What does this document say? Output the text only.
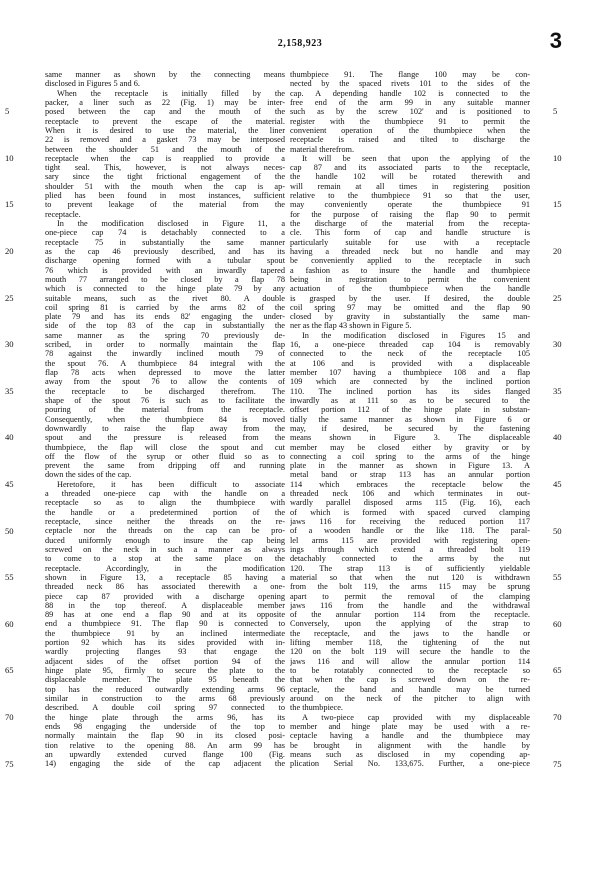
2,158,923	3
same manner as shown by the connecting means
disclosed in Figures 5 and 6.
When the receptacle is initially filled by the
packer, a liner such as 22 (Fig. 1) may be inter-
posed between the cap and the mouth of the
receptacle to prevent the escape of the material.
When it is desired to use the material, the liner
22 is removed and a gasket 73 may be interposed
between the shoulder 51 and the mouth of the
receptacle when the cap is reapplied to provide a
tight seal. This, however, is not always neces-
sary since the tight frictional engagement of the
shoulder 51 with the mouth when the cap is ap-
plied has been found in most instances, sufficient
to prevent leakage of the material from the
receptacle.
In the modification disclosed in Figure 11, a
one-piece cap 74 is detachably connected to a
receptacle 75 in substantially the same manner
as the cap 46 previously described, and has its
discharge opening formed with a tubular spout
76 which is provided with an inwardly tapered
mouth 77 arranged to be closed by a flap 78
which is connected to the hinge plate 79 by any
suitable means, such as the rivet 80. A double
coil spring 81 is carried by the arms 82 of the
plate 79 and has its ends 82' engaging the under-
side of the top 83 of the cap in substantially the
same manner as the spring 70 previously de-
scribed, in order to normally maintain the flap
78 against the inwardly inclined mouth 79 of
the spout 76. A thumbpiece 84 integral with the
flap 78 acts when depressed to move the latter
away from the spout 76 to allow the contents of
the receptacle to be discharged therefrom. The
shape of the spout 76 is such as to facilitate the
pouring of the material from the receptacle.
Consequently, when the thumbpiece 84 is moved
downwardly to raise the flap away from the
spout and the pressure is released from the
thumbpiece, the flap will close the spout and cut
off the flow of the syrup or other fluid so as to
prevent the same from dripping off and running
down the sides of the cap.
Heretofore, it has been difficult to associate
a threaded one-piece cap with the handle on a
receptacle so as to align the thumbpiece with
the handle or a predetermined portion of the
receptacle, since neither the threads on the re-
ceptacle nor the threads on the cap can be pro-
duced uniformly enough to insure the cap being
screwed on the neck in such a manner as always
to come to a stop at the same place on the
receptacle. Accordingly, in the modification
shown in Figure 13, a receptacle 85 having a
threaded neck 86 has associated therewith a one-
piece cap 87 provided with a discharge opening
88 in the top thereof. A displaceable member
89 has at one end a flap 90 and at its opposite
end a thumbpiece 91. The flap 90 is connected to
the thumbpiece 91 by an inclined intermediate
portion 92 which has its sides provided with in-
wardly projecting flanges 93 that engage the
adjacent sides of the offset portion 94 of the
hinge plate 95, firmly to secure the plate to the
displaceable member. The plate 95 beneath the
top has the reduced outwardly extending arms 96
similar in construction to the arms 68 previously
described. A double coil spring 97 connected to
the hinge plate through the arms 96, has its
ends 98 engaging the underside of the top to
normally maintain the flap 90 in its closed posi-
tion relative to the opening 88. An arm 99 has
an upwardly extended curved flange 100 (Fig.
14) engaging the side of the cap adjacent the
thumbpiece 91. The flange 100 may be con-
nected by the spaced rivets 101 to the sides of the
cap. A depending handle 102 is connected to the
free end of the arm 99 in any suitable manner
such as by the screw 102' and is positioned to
register with the thumbpiece 91 to permit the
convenient operation of the thumbpiece when the
receptacle is raised and tilted to discharge the
material therefrom.
It will be seen that upon the applying of the
cap 87 and its associated parts to the receptacle,
the handle 102 will be rotated therewith and
will remain at all times in registering position
relative to the thumbpiece 91 so that the user,
may conveniently operate the thumbpiece 91
for the purpose of raising the flap 90 to permit
the discharge of the material from the recepta-
cle. This form of cap and handle structure is
particularly suitable for use with a receptacle
having a threaded neck but no handle and may
be conveniently applied to the receptacle in such
a fashion as to insure the handle and thumbpiece
being in registration to permit the convenient
actuation of the thumbpiece when the handle
is grasped by the user. If desired, the double
coil spring 97 may be omitted and the flap 90
closed by gravity in substantially the same man-
ner as the flap 43 shown in Figure 5.
In the modification disclosed in Figures 15 and
16, a one-piece threaded cap 104 is removably
connected to the neck of the receptacle 105
at 106 and is provided with a displaceable
member 107 having a thumbpiece 108 and a flap
109 which are connected by the inclined portion
110. The inclined portion has its sides flanged
inwardly as at 111 so as to be secured to the
offset portion 112 of the hinge plate in substan-
tially the same manner as shown in Figure 6 or
may, if desired, be secured by the fastening
means shown in Figure 3. The displaceable
member may be closed either by gravity or by
connecting a coil spring to the arms of the hinge
plate in the manner as shown in Figure 13. A
metal band or strap 113 has an annular portion
114 which embraces the receptacle below the
threaded neck 106 and which terminates in out-
wardly parallel disposed arms 115 (Fig. 16), each
of which is formed with spaced curved clamping
jaws 116 for receiving the reduced portion 117
of a wooden handle or the like 118. The paral-
lel arms 115 are provided with registering open-
ings through which extend a threaded bolt 119
detachably connected to the arms by the nut
120. The strap 113 is of sufficiently yieldable
material so that when the nut 120 is withdrawn
from the bolt 119, the arms 115 may be sprung
apart to permit the removal of the clamping
jaws 116 from the handle and the withdrawal
of the annular portion 114 from the receptacle.
Conversely, upon the applying of the strap to
the receptacle, and the jaws to the handle or
lifting member 118, the tightening of the nut
120 on the bolt 119 will secure the handle to the
jaws 116 and will allow the annular portion 114
to be rotatably connected to the receptacle so
that when the cap is screwed down on the re-
ceptacle, the band and handle may be turned
around on the neck of the pitcher to align with
the thumbpiece.
A two-piece cap provided with my displaceable
member and hinge plate may be used with a re-
ceptacle having a handle and the thumbpiece may
be brought in alignment with the handle by
means such as disclosed in my copending ap-
plication Serial No. 133,675. Further, a one-piece
5	5
10	10
15	15
20	20
25	25
30	30
35	35
40	40
45	45
50	50
55	55
60	60
65	65
70	70
75	75
